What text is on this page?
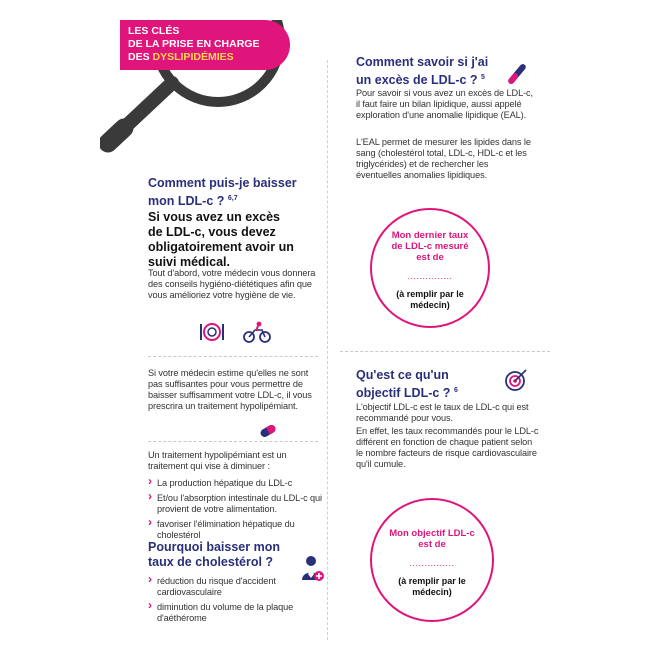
LES CLÉS
DE LA PRISE EN CHARGE
DES DYSLIPIDÉMIES
Comment puis-je baisser mon LDL-c ? $^{6,7}$
Si vous avez un excès de LDL-c, vous devez obligatoirement avoir un suivi médical.
Tout d'abord, votre médecin vous donnera des conseils hygiéno-diététiques afin que vous amélioriez votre hygiène de vie.
Si votre médecin estime qu'elles ne sont pas suffisantes pour vous permettre de baisser suffisamment votre LDL-c, il vous prescrira un traitement hypolipémiant.
Un traitement hypolipémiant est un traitement qui vise à diminuer :
› La production hépatique du LDL-c
› Et/ou l'absorption intestinale du LDL-c qui provient de votre alimentation.
› favoriser l'élimination hépatique du cholestérol
Pourquoi baisser mon taux de cholestérol ?
› réduction du risque d'accident cardiovasculaire
› diminution du volume de la plaque d'aéthérome
Comment savoir si j'ai un excès de LDL-c ? $^5$
Pour savoir si vous avez un excès de LDL-c, il faut faire un bilan lipidique, aussi appelé exploration d'une anomalie lipidique (EAL).
L'EAL permet de mesurer les lipides dans le sang (cholestérol total, LDL-c, HDL-c et les triglycérides) et de rechercher les éventuelles anomalies lipidiques.
Mon dernier taux de LDL-c mesuré est de
...............
(à remplir par le médecin)
Qu'est ce qu'un objectif LDL-c ? $^6$
L'objectif LDL-c est le taux de LDL-c qui est recommandé pour vous.
En effet, les taux recommandés pour le LDL-c différent en fonction de chaque patient selon le nombre facteurs de risque cardiovasculaire qu'il cumule.
Mon objectif LDL-c est de
...............
(à remplir par le médecin)
